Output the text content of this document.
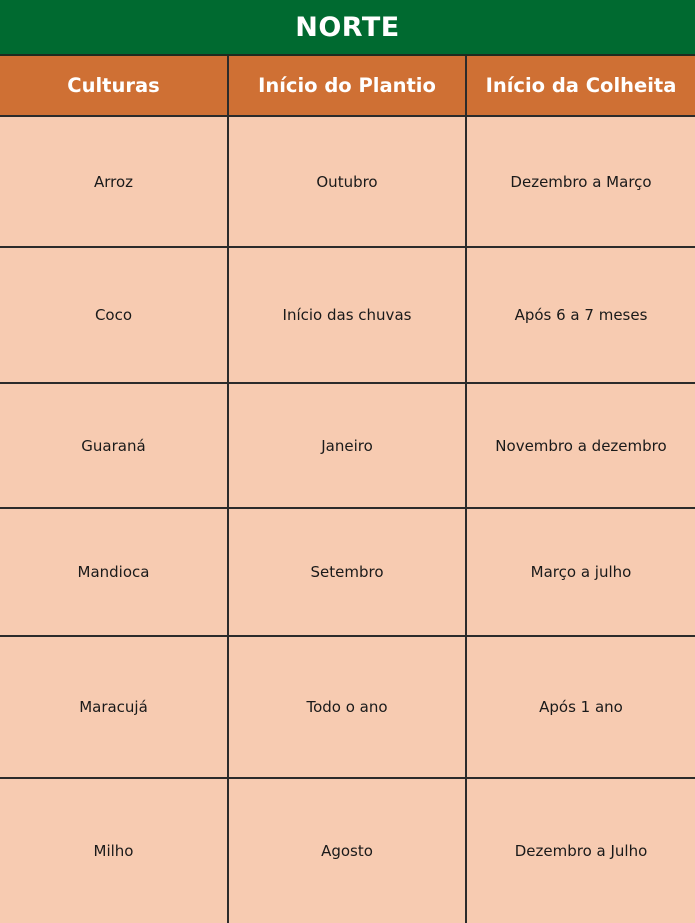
NORTE
Culturas	Início do Plantio	Início da Colheita
Arroz	Outubro	Dezembro a Março
Coco	Início das chuvas	Após 6 a 7 meses
Guaraná	Janeiro	Novembro a dezembro
Mandioca	Setembro	Março a julho
Maracujá	Todo o ano	Após 1 ano
Milho	Agosto	Dezembro a Julho
